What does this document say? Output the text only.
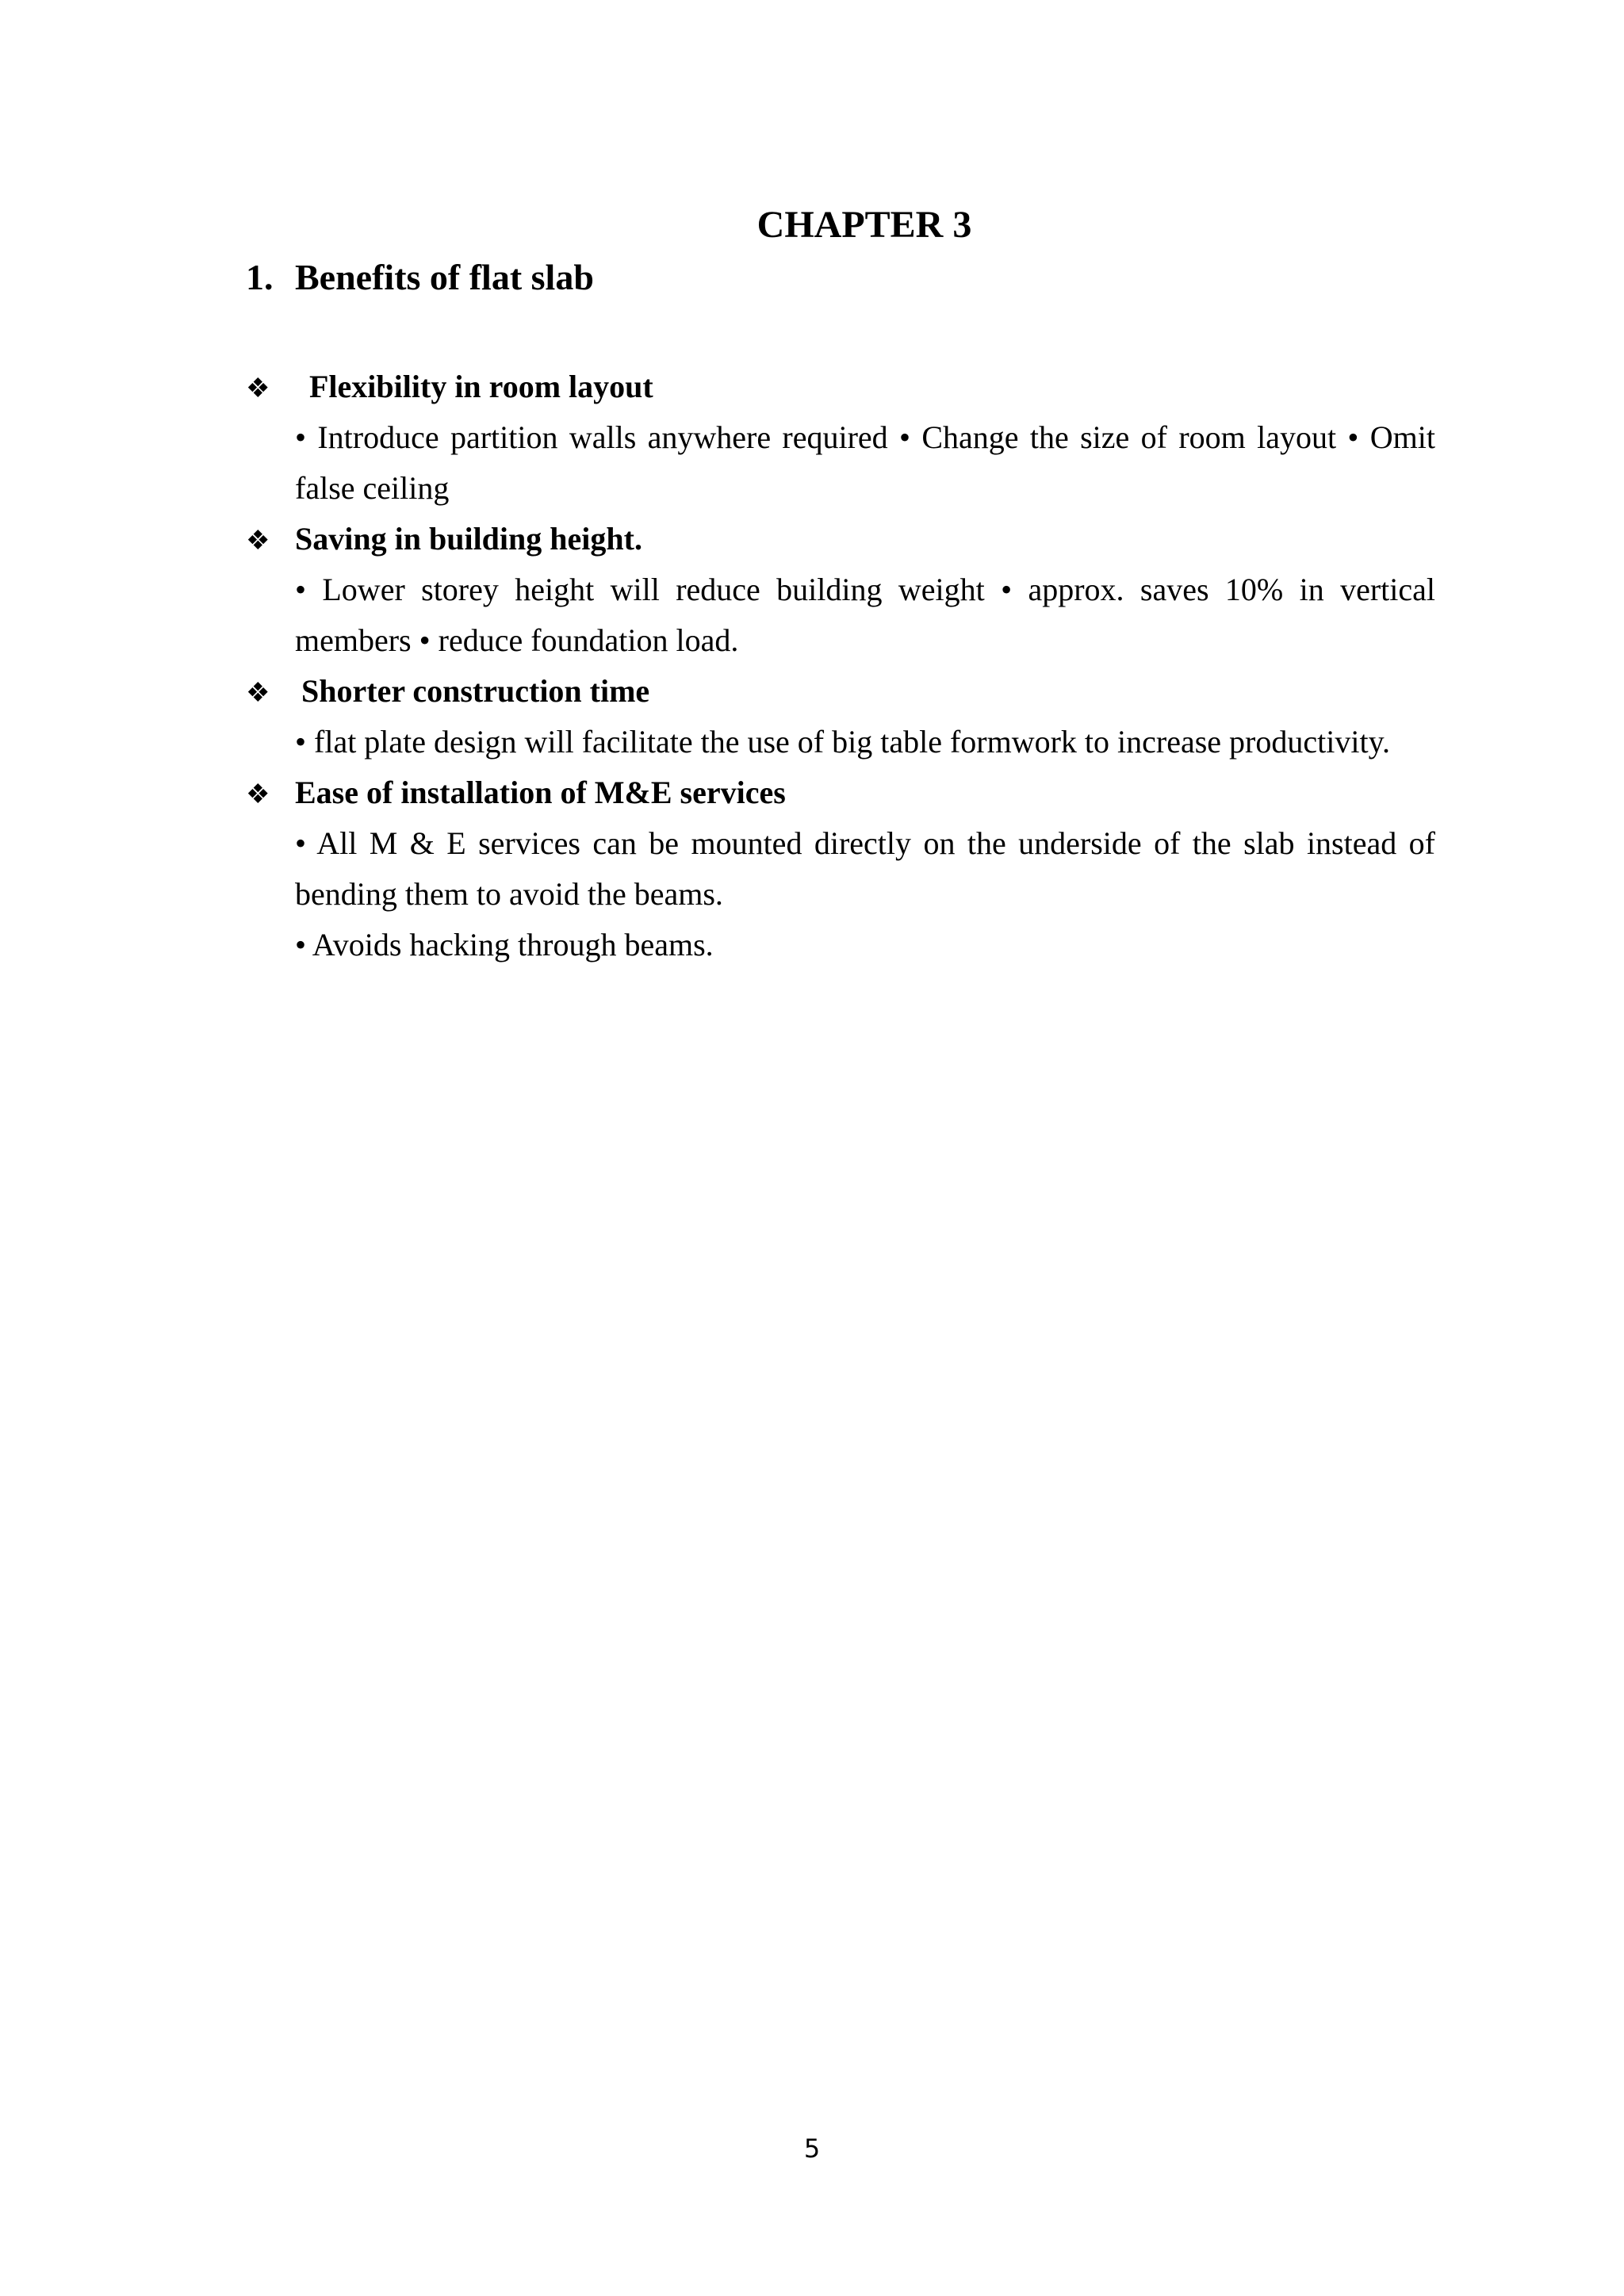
CHAPTER 3
1. Benefits of flat slab
❖	Flexibility in room layout

• Introduce partition walls anywhere required • Change the size of room layout • Omit false ceiling

❖ Saving in building height.

• Lower storey height will reduce building weight • approx. saves 10% in vertical members • reduce foundation load.

❖ Shorter construction time

• flat plate design will facilitate the use of big table formwork to increase productivity.

❖ Ease of installation of M&E services

• All M & E services can be mounted directly on the underside of the slab instead of bending them to avoid the beams.

• Avoids hacking through beams.

5
